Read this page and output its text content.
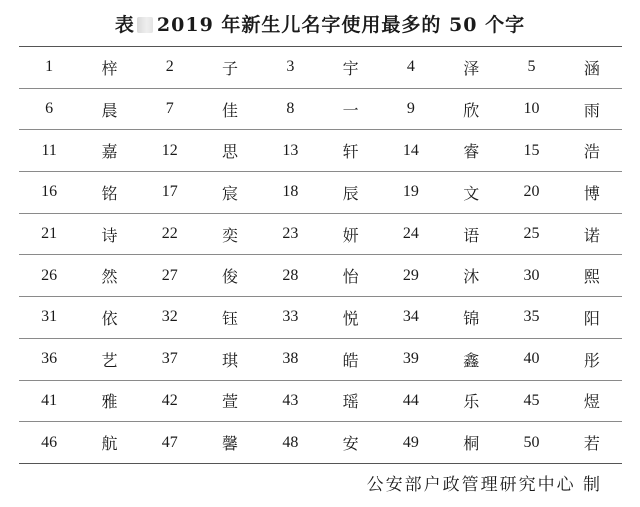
表 2019 年新生儿名字使用最多的 50 个字
1	梓	2	子	3	宇	4	泽	5	涵
6	晨	7	佳	8	一	9	欣	10	雨
11	嘉	12	思	13	轩	14	睿	15	浩
16	铭	17	宸	18	辰	19	文	20	博
21	诗	22	奕	23	妍	24	语	25	诺
26	然	27	俊	28	怡	29	沐	30	熙
31	依	32	钰	33	悦	34	锦	35	阳
36	艺	37	琪	38	皓	39	鑫	40	彤
41	雅	42	萱	43	瑶	44	乐	45	煜
46	航	47	馨	48	安	49	桐	50	若
公安部户政管理研究中心 制
